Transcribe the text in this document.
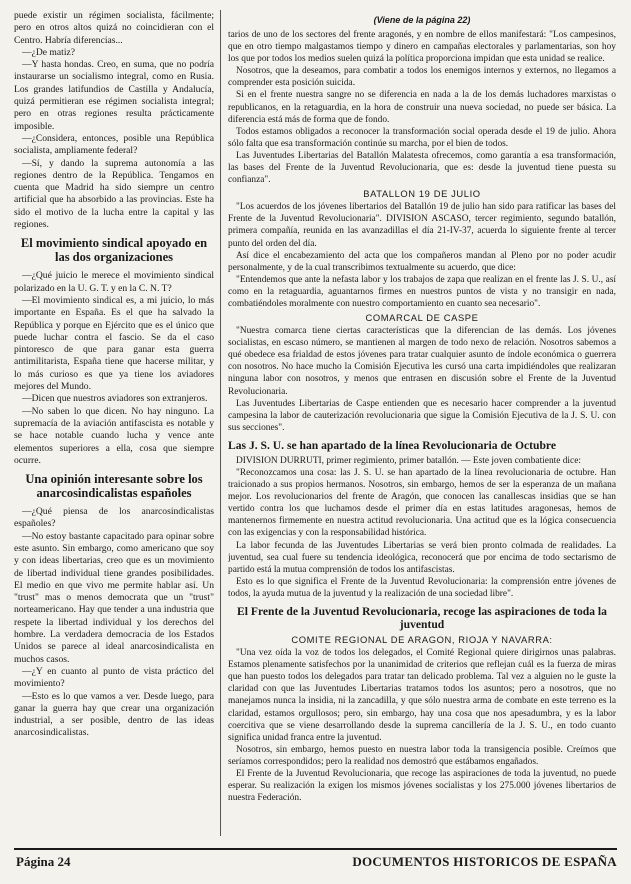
puede existir un régimen socialista, fácilmente; pero en otros altos quizá no coincidieran con el Centro. Habría diferencias...

—¿De matiz?

—Y hasta hondas. Creo, en suma, que no podría instaurarse un socialismo integral, como en Rusia. Los grandes latifundios de Castilla y Andalucía, quizá permitieran ese régimen socialista integral; pero en otras regiones resulta prácticamente imposible.

—¿Considera, entonces, posible una República socialista, ampliamente federal?

—Sí, y dando la suprema autonomía a las regiones dentro de la República. Tengamos en cuenta que Madrid ha sido siempre un centro artificial que ha absorbido a las provincias. Este ha sido el motivo de la lucha entre la capital y las regiones.

El movimiento sindical apoyado en las dos organizaciones

—¿Qué juicio le merece el movimiento sindical polarizado en la U. G. T. y en la C. N. T?

—El movimiento sindical es, a mi juicio, lo más importante en España. Es el que ha salvado la República y porque en Ejército que es el único que puede luchar contra el fascio. Se da el caso pintoresco de que para ganar esta guerra antimilitarista, España tiene que hacerse militar, y lo más curioso es que ya tiene los aviadores mejores del Mundo.

—Dicen que nuestros aviadores son extranjeros.

—No saben lo que dicen. No hay ninguno. La supremacía de la aviación antifascista es notable y se hace notable cuando lucha y vence ante elementos superiores a ella, cosa que siempre ocurre.

Una opinión interesante sobre los anarcosindicalistas españoles

—¿Qué piensa de los anarcosindicalistas españoles?

—No estoy bastante capacitado para opinar sobre este asunto. Sin embargo, como americano que soy y con ideas libertarias, creo que es un movimiento de libertad individual tiene grandes posibilidades. El medio en que vivo me permite hablar así. Un "trust" mas o menos democrata que un "trust" norteamericano. Hay que tender a una industria que respete la libertad individual y los derechos del hombre. La verdadera democracia de los Estados Unidos se parece al ideal anarcosindicalista en muchos casos.

—¿Y en cuanto al punto de vista práctico del movimiento?

—Esto es lo que vamos a ver. Desde luego, para ganar la guerra hay que crear una organización industrial, a ser posible, dentro de las ideas anarcosindicalistas.

(Viene de la página 22)

tarios de uno de los sectores del frente aragonés, y en nombre de ellos manifestará: "Los campesinos, que en otro tiempo malgastamos tiempo y dinero en campañas electorales y parlamentarias, son hoy los que por todos los medios suelen quizá la política proporciona impidan que esta unidad se realice.

Nosotros, que la deseamos, para combatir a todos los enemigos internos y externos, no llegamos a comprender esta posición suicida.

Si en el frente nuestra sangre no se diferencia en nada a la de los demás luchadores marxistas o republicanos, en la retaguardia, en la hora de construir una nueva sociedad, no puede ser básica. La diferencia está más de forma que de fondo.

Todos estamos obligados a reconocer la transformación social operada desde el 19 de julio. Ahora sólo falta que esa transformación continúe su marcha, por el bien de todos.

Las Juventudes Libertarias del Batallón Malatesta ofrecemos, como garantía a esa transformación, las bases del Frente de la Juventud Revolucionaria, que es: desde la juventud tiene puesta su confianza".

BATALLON 19 DE JULIO

"Los acuerdos de los jóvenes libertarios del Batallón 19 de julio han sido para ratificar las bases del Frente de la Juventud Revolucionaria". DIVISION ASCASO, tercer regimiento, segundo batallón, primera compañía, reunida en las avanzadillas el día 21-IV-37, acuerda lo siguiente frente al tercer punto del orden del día.

Así dice el encabezamiento del acta que los compañeros mandan al Pleno por no poder acudir personalmente, y de la cual transcribimos textualmente su acuerdo, que dice:

"Entendemos que ante la nefasta labor y los trabajos de zapa que realizan en el frente las J. S. U., así como en la retaguardia, aguantarnos firmes en nuestros puntos de vista y no transigir en nada, combatiéndoles moralmente con nuestro comportamiento en cuanto sea necesario".

COMARCAL DE CASPE

"Nuestra comarca tiene ciertas características que la diferencian de las demás. Los jóvenes socialistas, en escaso número, se mantienen al margen de todo nexo de relación. Nosotros sabemos a qué obedece esa frialdad de estos jóvenes para tratar cualquier asunto de índole económica o guerrera con nosotros. No hace mucho la Comisión Ejecutiva les cursó una carta impidiéndoles que realizaran ninguna labor con nosotros, y menos que entrasen en discusión sobre el Frente de la Juventud Revolucionaria.

Las Juventudes Libertarias de Caspe entienden que es necesario hacer comprender a la juventud campesina la labor de cauterización revolucionaria que sigue la Comisión Ejecutiva de la J. S. U. con sus secciones".

Las J. S. U. se han apartado de la línea Revolucionaria de Octubre

DIVISION DURRUTI, primer regimiento, primer batallón. — Este joven combatiente dice:

"Reconozcamos una cosa: las J. S. U. se han apartado de la línea revolucionaria de octubre. Han traicionado a sus propios hermanos. Nosotros, sin embargo, hemos de ser la esperanza de un mañana mejor. Los revolucionarios del frente de Aragón, que conocen las canallescas insidias que se han vertido contra los que luchamos desde el primer día en estas latitudes aragonesas, hemos de mantenernos firmemente en nuestra actitud revolucionaria. Una actitud que es la lógica consecuencia con las exigencias y con la responsabilidad histórica.

La labor fecunda de las Juventudes Libertarias se verá bien pronto colmada de realidades. La juventud, sea cual fuere su tendencia ideológica, reconocerá que por encima de todo sectarismo de partido está la mutua comprensión de todos los antifascistas.

Esto es lo que significa el Frente de la Juventud Revolucionaria: la comprensión entre jóvenes de todos, la ayuda mutua de la juventud y la realización de una sociedad libre".

El Frente de la Juventud Revolucionaria, recoge las aspiraciones de toda la juventud
COMITE REGIONAL DE ARAGON, RIOJA Y NAVARRA:

"Una vez oída la voz de todos los delegados, el Comité Regional quiere dirigirnos unas palabras. Estamos plenamente satisfechos por la unanimidad de criterios que reflejan cuál es la fuerza de miras que han puesto todos los delegados para tratar tan delicado problema. Tal vez a alguien no le guste la claridad con que las Juventudes Libertarias tratamos todos los asuntos; pero a nosotros, que no manejamos nunca la insidia, ni la zancadilla, y que sólo nuestra arma de combate en este terreno es la claridad, estamos orgullosos; pero, sin embargo, hay una cosa que nos apesadumbra, y es la labor coercitiva que se viene desarrollando desde la suprema cancillería de la J. S. U., en todo cuanto significa unidad franca entre la juventud.

Nosotros, sin embargo, hemos puesto en nuestra labor toda la transigencia posible. Creímos que seríamos correspondidos; pero la realidad nos demostró que estábamos engañados.

El Frente de la Juventud Revolucionaria, que recoge las aspiraciones de toda la juventud, no puede esperar. Su realización la exigen los mismos jóvenes socialistas y los 275.000 jóvenes libertarios de nuestra Federación.

Página 24	DOCUMENTOS HISTORICOS DE ESPAÑA
